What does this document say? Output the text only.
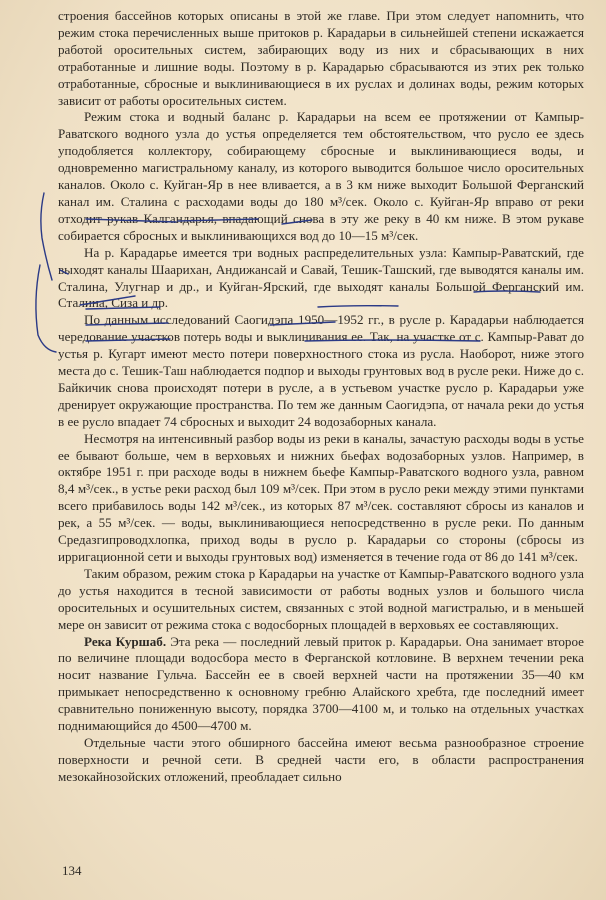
строения бассейнов которых описаны в этой же главе. При этом следует напомнить, что режим стока перечисленных выше притоков р. Карадарьи в сильнейшей степени искажается работой оросительных систем, забирающих воду из них и сбрасывающих в них отработанные и лишние воды. Поэтому в р. Карадарью сбрасываются из этих рек только отработанные, сбросные и выклинивающиеся в их руслах и долинах воды, режим которых зависит от работы оросительных систем.

Режим стока и водный баланс р. Карадарьи на всем ее протяжении от Кампыр-Раватского водного узла до устья определяется тем обстоятельством, что русло ее здесь уподобляется коллектору, собирающему сбросные и выклинивающиеся воды, и одновременно магистральному каналу, из которого выводится большое число оросительных каналов. Около с. Куйган-Яр в нее вливается, а в 3 км ниже выходит Большой Ферганский канал им. Сталина с расходами воды до 180 м³/сек. Около с. Куйган-Яр вправо от реки отходит рукав Калгандарья, впадающий снова в эту же реку в 40 км ниже. В этом рукаве собирается сбросных и выклинивающихся вод до 10—15 м³/сек.

На р. Карадарье имеется три водных распределительных узла: Кампыр-Раватский, где выходят каналы Шаарихан, Андижансай и Савай, Тешик-Ташский, где выводятся каналы им. Сталина, Улугнар и др., и Куйган-Ярский, где выходят каналы Большой Ферганский им. Сталина, Сиза и др.

По данным исследований Саогидэпа 1950—1952 гг., в русле р. Карадарьи наблюдается чередование участков потерь воды и выклинивания ее. Так, на участке от с. Кампыр-Рават до устья р. Кугарт имеют место потери поверхностного стока из русла. Наоборот, ниже этого места до с. Тешик-Таш наблюдается подпор и выходы грунтовых вод в русле реки. Ниже до с. Байкичик снова происходят потери в русле, а в устьевом участке русло р. Карадарьи уже дренирует окружающие пространства. По тем же данным Саогидэпа, от начала реки до устья в ее русло впадает 74 сбросных и выходит 24 водозаборных канала.

Несмотря на интенсивный разбор воды из реки в каналы, зачастую расходы воды в устье ее бывают больше, чем в верховьях и нижних бьефах водозаборных узлов. Например, в октябре 1951 г. при расходе воды в нижнем бьефе Кампыр-Раватского водного узла, равном 8,4 м³/сек., в устье реки расход был 109 м³/сек. При этом в русло реки между этими пунктами всего прибавилось воды 142 м³/сек., из которых 87 м³/сек. составляют сбросы из каналов и рек, а 55 м³/сек. — воды, выклинивающиеся непосредственно в русле реки. По данным Средазгипроводхлопка, приход воды в русло р. Карадарьи со стороны (сбросы из ирригационной сети и выходы грунтовых вод) изменяется в течение года от 86 до 141 м³/сек.

Таким образом, режим стока р Карадарьи на участке от Кампыр-Раватского водного узла до устья находится в тесной зависимости от работы водных узлов и большого числа оросительных и осушительных систем, связанных с этой водной магистралью, и в меньшей мере он зависит от режима стока с водосборных площадей в верховьях ее составляющих.

Река Куршаб. Эта река — последний левый приток р. Карадарьи. Она занимает второе по величине площади водосбора место в Ферганской котловине. В верхнем течении река носит название Гульча. Бассейн ее в своей верхней части на протяжении 35—40 км примыкает непосредственно к основному гребню Алайского хребта, где последний имеет сравнительно пониженную высоту, порядка 3700—4100 м, и только на отдельных участках поднимающийся до 4500—4700 м.

Отдельные части этого обширного бассейна имеют весьма разнообразное строение поверхности и речной сети. В средней части его, в области распространения мезокайнозойских отложений, преобладает сильно

134
